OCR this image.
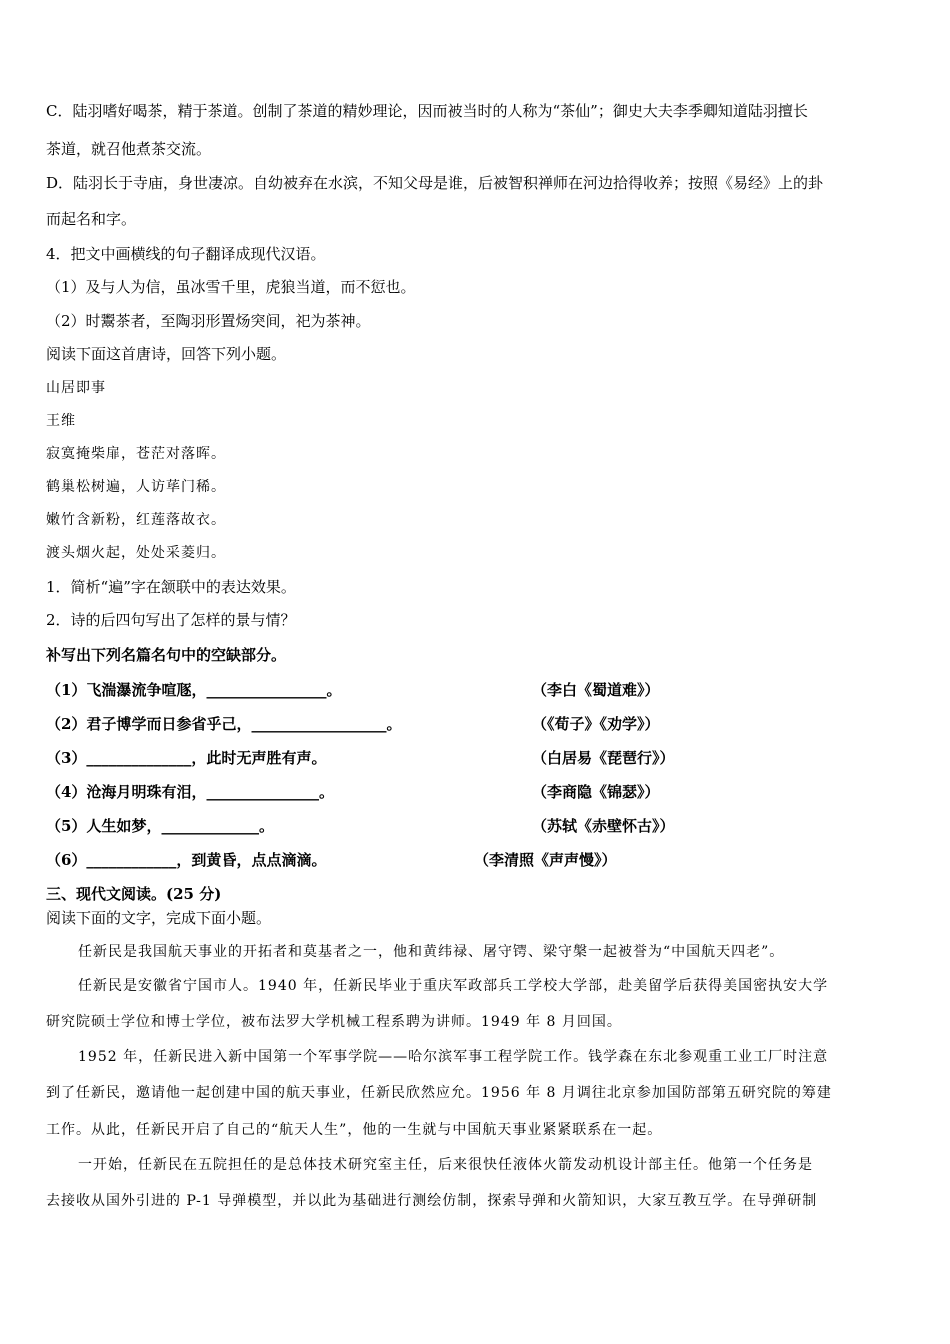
C．陆羽嗜好喝茶，精于茶道。创制了茶道的精妙理论，因而被当时的人称为“茶仙”；御史大夫李季卿知道陆羽擅长
茶道，就召他煮茶交流。
D．陆羽长于寺庙，身世凄凉。自幼被弃在水滨，不知父母是谁，后被智积禅师在河边拾得收养；按照《易经》上的卦
而起名和字。
4．把文中画横线的句子翻译成现代汉语。
（1）及与人为信，虽冰雪千里，虎狼当道，而不愆也。
（2）时鬻茶者，至陶羽形置炀突间，祀为茶神。
阅读下面这首唐诗，回答下列小题。
山居即事
王维
寂寞掩柴扉，苍茫对落晖。
鹤巢松树遍，人访荜门稀。
嫩竹含新粉，红莲落故衣。
渡头烟火起，处处采菱归。
1．简析“遍”字在颔联中的表达效果。
2．诗的后四句写出了怎样的景与情？
补写出下列名篇名句中的空缺部分。
（1）飞湍瀑流争喧豗，________________。	（李白《蜀道难》）
（2）君子博学而日参省乎己，__________________。	（《荀子》《劝学》）
（3）______________，此时无声胜有声。	（白居易《琵琶行》）
（4）沧海月明珠有泪，_______________。	（李商隐《锦瑟》）
（5）人生如梦，_____________。	（苏轼《赤壁怀古》）
（6）____________，到黄昏，点点滴滴。	（李清照《声声慢》）
三、现代文阅读。(25 分)
阅读下面的文字，完成下面小题。
任新民是我国航天事业的开拓者和莫基者之一，他和黄纬禄、屠守锷、梁守槃一起被誉为“中国航天四老”。
任新民是安徽省宁国市人。1940 年，任新民毕业于重庆军政部兵工学校大学部，赴美留学后获得美国密执安大学
研究院硕士学位和博士学位，被布法罗大学机械工程系聘为讲师。1949 年 8 月回国。
1952 年，任新民进入新中国第一个军事学院——哈尔滨军事工程学院工作。钱学森在东北参观重工业工厂时注意
到了任新民，邀请他一起创建中国的航天事业，任新民欣然应允。1956 年 8 月调往北京参加国防部第五研究院的筹建
工作。从此，任新民开启了自己的“航天人生”，他的一生就与中国航天事业紧紧联系在一起。
一开始，任新民在五院担任的是总体技术研究室主任，后来很快任液体火箭发动机设计部主任。他第一个任务是
去接收从国外引进的 P-1 导弹模型，并以此为基础进行测绘仿制，探索导弹和火箭知识，大家互教互学。在导弹研制
